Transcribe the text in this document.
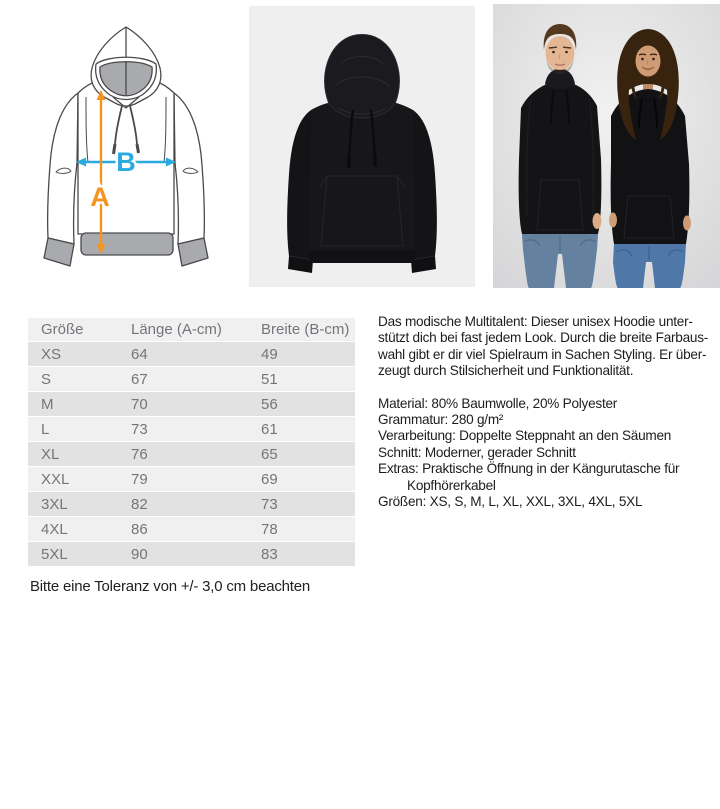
B
A
Größe	Länge (A-cm)	Breite (B-cm)
XS	64	49
S	67	51
M	70	56
L	73	61
XL	76	65
XXL	79	69
3XL	82	73
4XL	86	78
5XL	90	83
Bitte eine Toleranz von +/- 3,0 cm beachten
Das modische Multitalent: Dieser unisex Hoodie unter-
stützt dich bei fast jedem Look. Durch die breite Farbaus-
wahl gibt er dir viel Spielraum in Sachen Styling. Er über-
zeugt durch Stilsicherheit und Funktionalität.
Material: 80% Baumwolle, 20% Polyester
Grammatur: 280 g/m²
Verarbeitung: Doppelte Steppnaht an den Säumen
Schnitt: Moderner, gerader Schnitt
Extras: Praktische Öffnung in der Kängurutasche für
Kopfhörerkabel
Größen: XS, S, M, L, XL, XXL, 3XL, 4XL, 5XL
